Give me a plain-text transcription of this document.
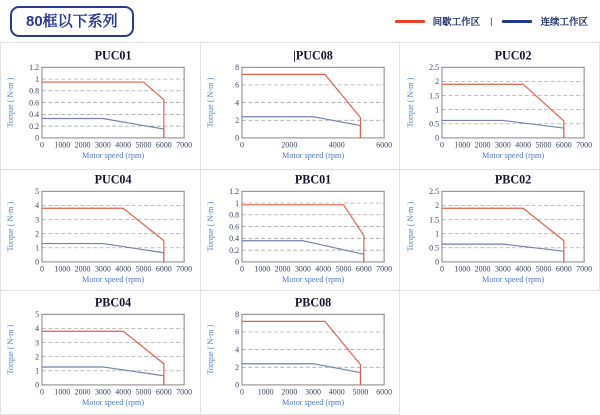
80框以下系列	间歇工作区 |	连续工作区
PUC01
0
0.2
0.4
0.6
0.8
1
1.2
0 1000 2000 3000 4000 5000 6000 7000
Motor speed (rpm)
Torque ( N-m )
|PUC08
0
2
4
6
8
0	2000	4000	6000
Motor speed (rpm)
Torque ( N-m )
PUC02
0
0.5
1
1.5
2
2.5
0 1000 2000 3000 4000 5000 6000 7000
Motor speed (rpm)
Torque ( N-m )
PUC04
0
1
2
3
4
5
0 1000 2000 3000 4000 5000 6000 7000
Motor speed (rpm)
Torque ( N-m )
PBC01
0
0.2
0.4
0.6
0.8
1
1.2
0 1000 2000 3000 4000 5000 6000 7000
Motor speed (rpm)
Torque ( N-m )
PBC02
0
0.5
1
1.5
2
2.5
0 1000 2000 3000 4000 5000 6000 7000
Motor speed (rpm)
Torque ( N-m )
PBC04
0
1
2
3
4
5
0 1000 2000 3000 4000 5000 6000 7000
Motor speed (rpm)
Torque ( N-m )
PBC08
0
2
4
6
8
0 1000 2000 3000 4000 5000 6000
Motor speed (rpm)
Torque ( N-m )
